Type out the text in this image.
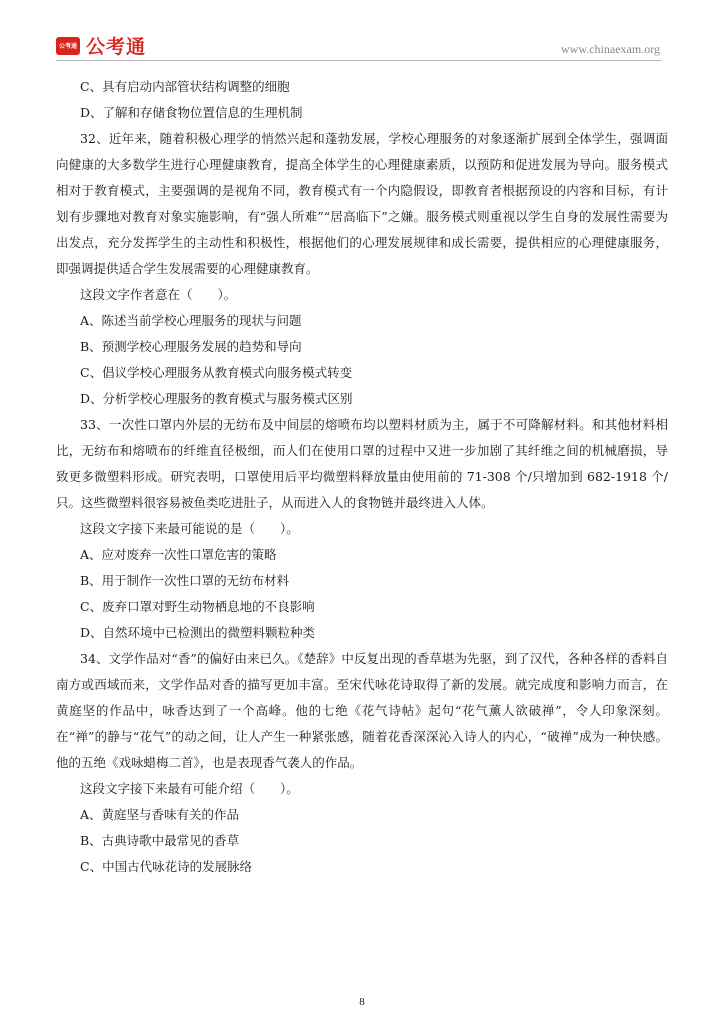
公考通 公考通	www.chinaexam.org

C、具有启动内部管状结构调整的细胞

D、了解和存储食物位置信息的生理机制

32、近年来，随着积极心理学的悄然兴起和蓬勃发展，学校心理服务的对象逐渐扩展到全体学生，强调面向健康的大多数学生进行心理健康教育，提高全体学生的心理健康素质，以预防和促进发展为导向。服务模式相对于教育模式，主要强调的是视角不同，教育模式有一个内隐假设，即教育者根据预设的内容和目标，有计划有步骤地对教育对象实施影响，有“强人所难”“居高临下”之嫌。服务模式则重视以学生自身的发展性需要为出发点，充分发挥学生的主动性和积极性，根据他们的心理发展规律和成长需要，提供相应的心理健康服务，即强调提供适合学生发展需要的心理健康教育。

这段文字作者意在（　　）。

A、陈述当前学校心理服务的现状与问题

B、预测学校心理服务发展的趋势和导向

C、倡议学校心理服务从教育模式向服务模式转变

D、分析学校心理服务的教育模式与服务模式区别

33、一次性口罩内外层的无纺布及中间层的熔喷布均以塑料材质为主，属于不可降解材料。和其他材料相比，无纺布和熔喷布的纤维直径极细，而人们在使用口罩的过程中又进一步加剧了其纤维之间的机械磨损，导致更多微塑料形成。研究表明，口罩使用后平均微塑料释放量由使用前的 71-308 个/只增加到 682-1918 个/只。这些微塑料很容易被鱼类吃进肚子，从而进入人的食物链并最终进入人体。

这段文字接下来最可能说的是（　　）。

A、应对废弃一次性口罩危害的策略

B、用于制作一次性口罩的无纺布材料

C、废弃口罩对野生动物栖息地的不良影响

D、自然环境中已检测出的微塑料颗粒种类

34、文学作品对“香”的偏好由来已久。《楚辞》中反复出现的香草堪为先驱，到了汉代，各种各样的香料自南方或西域而来，文学作品对香的描写更加丰富。至宋代咏花诗取得了新的发展。就完成度和影响力而言，在黄庭坚的作品中，咏香达到了一个高峰。他的七绝《花气诗帖》起句“花气薰人欲破禅”，令人印象深刻。在“禅”的静与“花气”的动之间，让人产生一种紧张感，随着花香深深沁入诗人的内心，“破禅”成为一种快感。他的五绝《戏咏蜡梅二首》，也是表现香气袭人的作品。

这段文字接下来最有可能介绍（　　）。

A、黄庭坚与香味有关的作品

B、古典诗歌中最常见的香草

C、中国古代咏花诗的发展脉络

8
